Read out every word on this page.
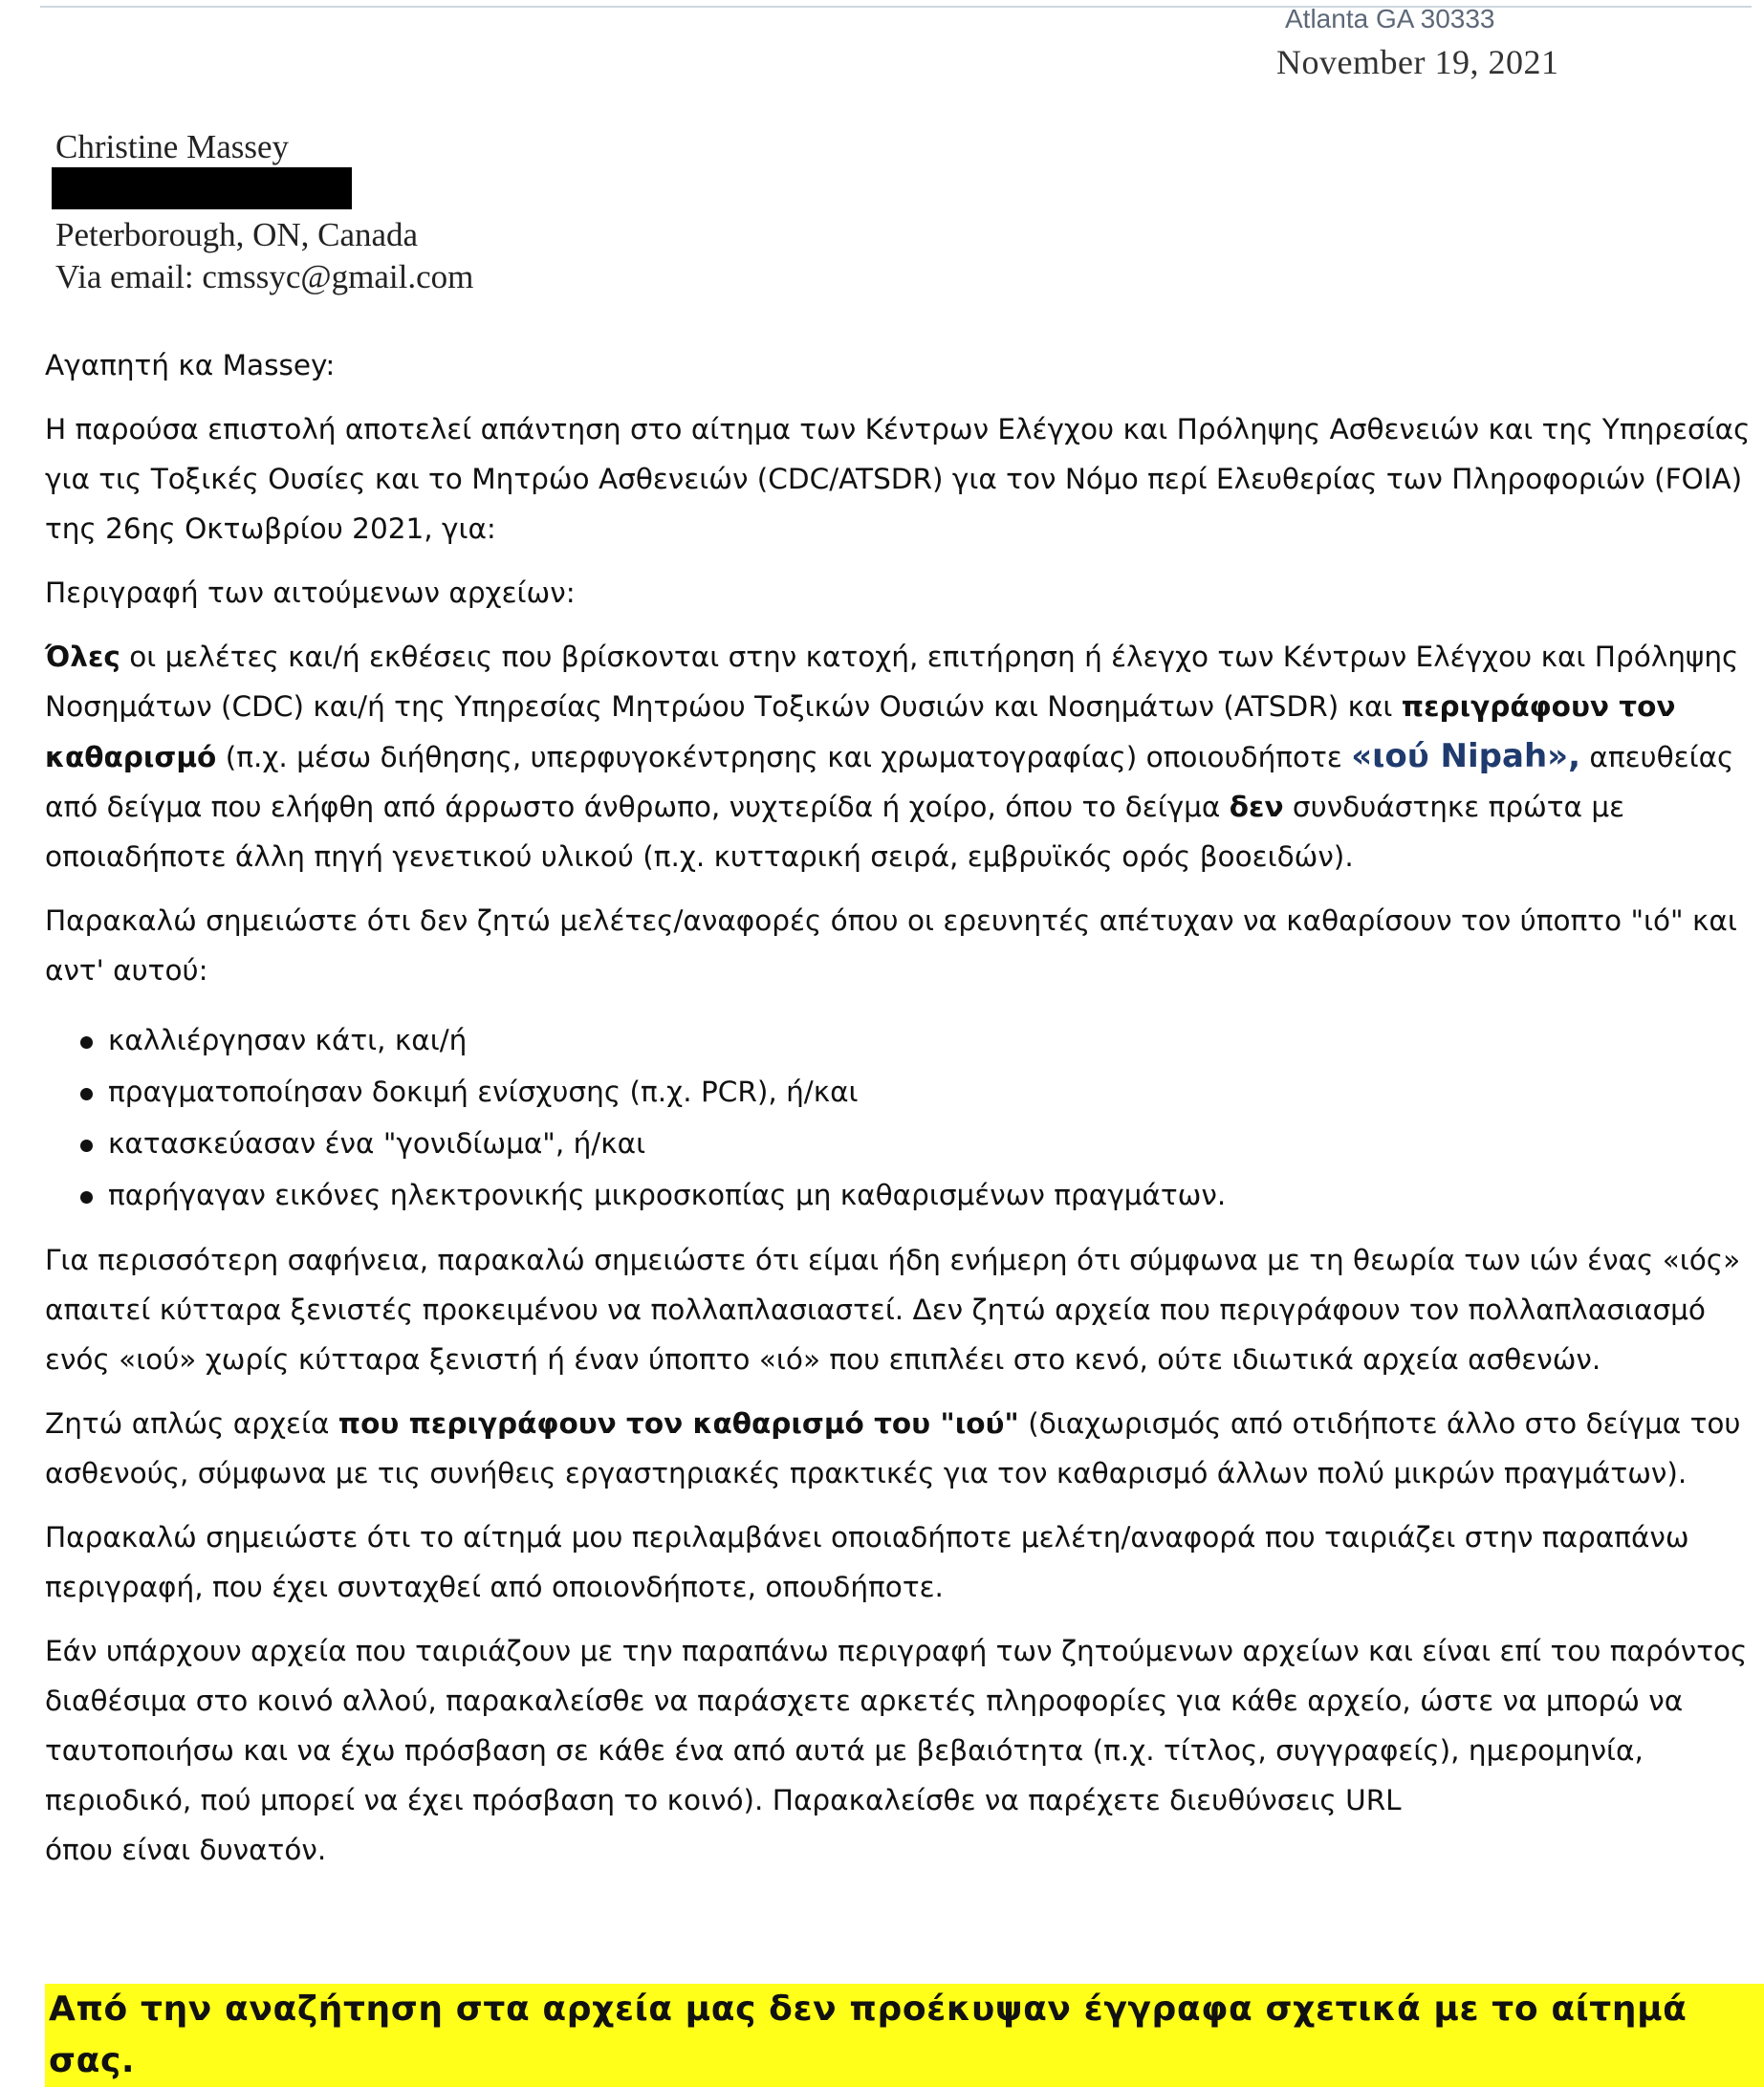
Atlanta GA 30333
November 19, 2021
Christine Massey
Peterborough, ON, Canada
Via email: cmssyc@gmail.com

Αγαπητή κα Massey:

Η παρούσα επιστολή αποτελεί απάντηση στο αίτημα των Κέντρων Ελέγχου και Πρόληψης Ασθενειών και της Υπηρεσίας για τις Τοξικές Ουσίες και το Μητρώο Ασθενειών (CDC/ATSDR) για τον Νόμο περί Ελευθερίας των Πληροφοριών (FOIA) της 26ης Οκτωβρίου 2021, για:

Περιγραφή των αιτούμενων αρχείων:

Όλες οι μελέτες και/ή εκθέσεις που βρίσκονται στην κατοχή, επιτήρηση ή έλεγχο των Κέντρων Ελέγχου και Πρόληψης Νοσημάτων (CDC) και/ή της Υπηρεσίας Μητρώου Τοξικών Ουσιών και Νοσημάτων (ATSDR) και περιγράφουν τον καθαρισμό (π.χ. μέσω διήθησης, υπερφυγοκέντρησης και χρωματογραφίας) οποιουδήποτε «ιού Nipah», απευθείας από δείγμα που ελήφθη από άρρωστο άνθρωπο, νυχτερίδα ή χοίρο, όπου το δείγμα δεν συνδυάστηκε πρώτα με οποιαδήποτε άλλη πηγή γενετικού υλικού (π.χ. κυτταρική σειρά, εμβρυϊκός ορός βοοειδών).

Παρακαλώ σημειώστε ότι δεν ζητώ μελέτες/αναφορές όπου οι ερευνητές απέτυχαν να καθαρίσουν τον ύποπτο "ιό" και αντ' αυτού:

καλλιέργησαν κάτι, και/ή
πραγματοποίησαν δοκιμή ενίσχυσης (π.χ. PCR), ή/και
κατασκεύασαν ένα "γονιδίωμα", ή/και
παρήγαγαν εικόνες ηλεκτρονικής μικροσκοπίας μη καθαρισμένων πραγμάτων.

Για περισσότερη σαφήνεια, παρακαλώ σημειώστε ότι είμαι ήδη ενήμερη ότι σύμφωνα με τη θεωρία των ιών ένας «ιός» απαιτεί κύτταρα ξενιστές προκειμένου να πολλαπλασιαστεί. Δεν ζητώ αρχεία που περιγράφουν τον πολλαπλασιασμό ενός «ιού» χωρίς κύτταρα ξενιστή ή έναν ύποπτο «ιό» που επιπλέει στο κενό, ούτε ιδιωτικά αρχεία ασθενών.

Ζητώ απλώς αρχεία που περιγράφουν τον καθαρισμό του "ιού" (διαχωρισμός από οτιδήποτε άλλο στο δείγμα του ασθενούς, σύμφωνα με τις συνήθεις εργαστηριακές πρακτικές για τον καθαρισμό άλλων πολύ μικρών πραγμάτων).

Παρακαλώ σημειώστε ότι το αίτημά μου περιλαμβάνει οποιαδήποτε μελέτη/αναφορά που ταιριάζει στην παραπάνω περιγραφή, που έχει συνταχθεί από οποιονδήποτε, οπουδήποτε.

Εάν υπάρχουν αρχεία που ταιριάζουν με την παραπάνω περιγραφή των ζητούμενων αρχείων και είναι επί του παρόντος διαθέσιμα στο κοινό αλλού, παρακαλείσθε να παράσχετε αρκετές πληροφορίες για κάθε αρχείο, ώστε να μπορώ να ταυτοποιήσω και να έχω πρόσβαση σε κάθε ένα από αυτά με βεβαιότητα (π.χ. τίτλος, συγγραφείς), ημερομηνία, περιοδικό, πού μπορεί να έχει πρόσβαση το κοινό). Παρακαλείσθε να παρέχετε διευθύνσεις URL

όπου είναι δυνατόν.

Από την αναζήτηση στα αρχεία μας δεν προέκυψαν έγγραφα σχετικά με το αίτημά σας.
